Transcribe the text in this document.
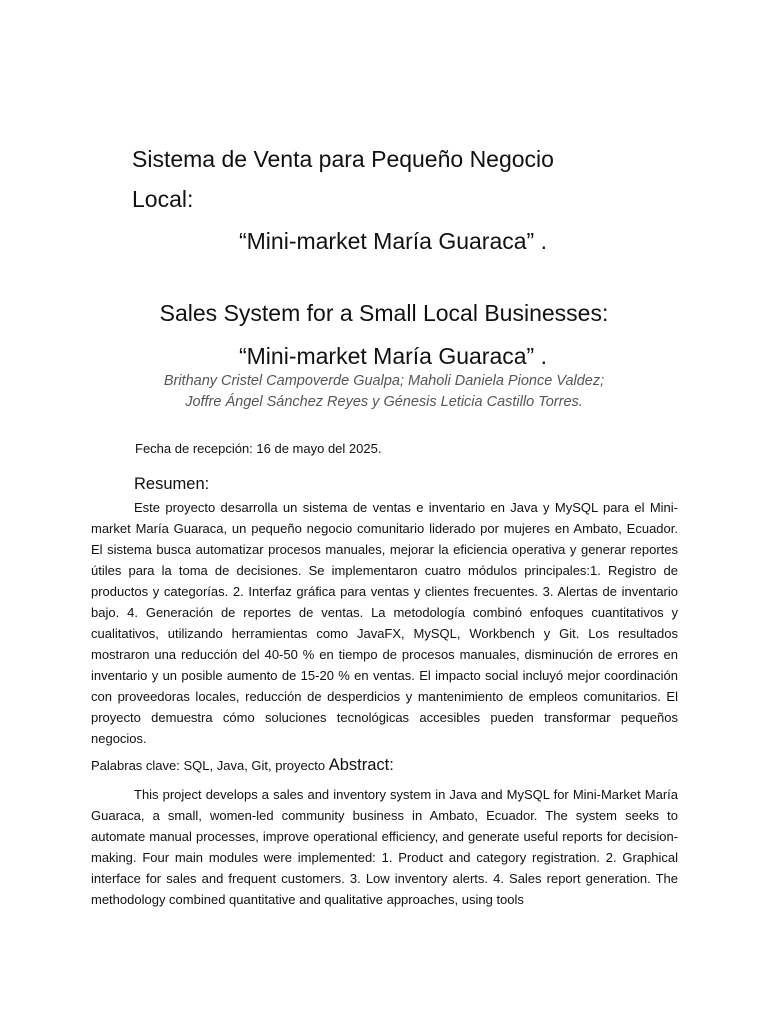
Sistema de Venta para Pequeño Negocio
Local:
“Mini-market María Guaraca” .
Sales System for a Small Local Businesses:
“Mini-market María Guaraca” .
Brithany Cristel Campoverde Gualpa; Maholi Daniela Pionce Valdez;
Joffre Ángel Sánchez Reyes y Génesis Leticia Castillo Torres.
Fecha de recepción: 16 de mayo del 2025.
Resumen:

Este proyecto desarrolla un sistema de ventas e inventario en Java y MySQL para el Mini-market María Guaraca, un pequeño negocio comunitario liderado por mujeres en Ambato, Ecuador. El sistema busca automatizar procesos manuales, mejorar la eficiencia operativa y generar reportes útiles para la toma de decisiones. Se implementaron cuatro módulos principales:1. Registro de productos y categorías. 2. Interfaz gráfica para ventas y clientes frecuentes. 3. Alertas de inventario bajo. 4. Generación de reportes de ventas. La metodología combinó enfoques cuantitativos y cualitativos, utilizando herramientas como JavaFX, MySQL, Workbench y Git. Los resultados mostraron una reducción del 40-50 % en tiempo de procesos manuales, disminución de errores en inventario y un posible aumento de 15-20 % en ventas. El impacto social incluyó mejor coordinación con proveedoras locales, reducción de desperdicios y mantenimiento de empleos comunitarios. El proyecto demuestra cómo soluciones tecnológicas accesibles pueden transformar pequeños negocios.

Palabras clave: SQL, Java, Git, proyecto Abstract:

This project develops a sales and inventory system in Java and MySQL for Mini-Market María Guaraca, a small, women-led community business in Ambato, Ecuador. The system seeks to automate manual processes, improve operational efficiency, and generate useful reports for decision-making. Four main modules were implemented: 1. Product and category registration. 2. Graphical interface for sales and frequent customers. 3. Low inventory alerts. 4. Sales report generation. The methodology combined quantitative and qualitative approaches, using tools
